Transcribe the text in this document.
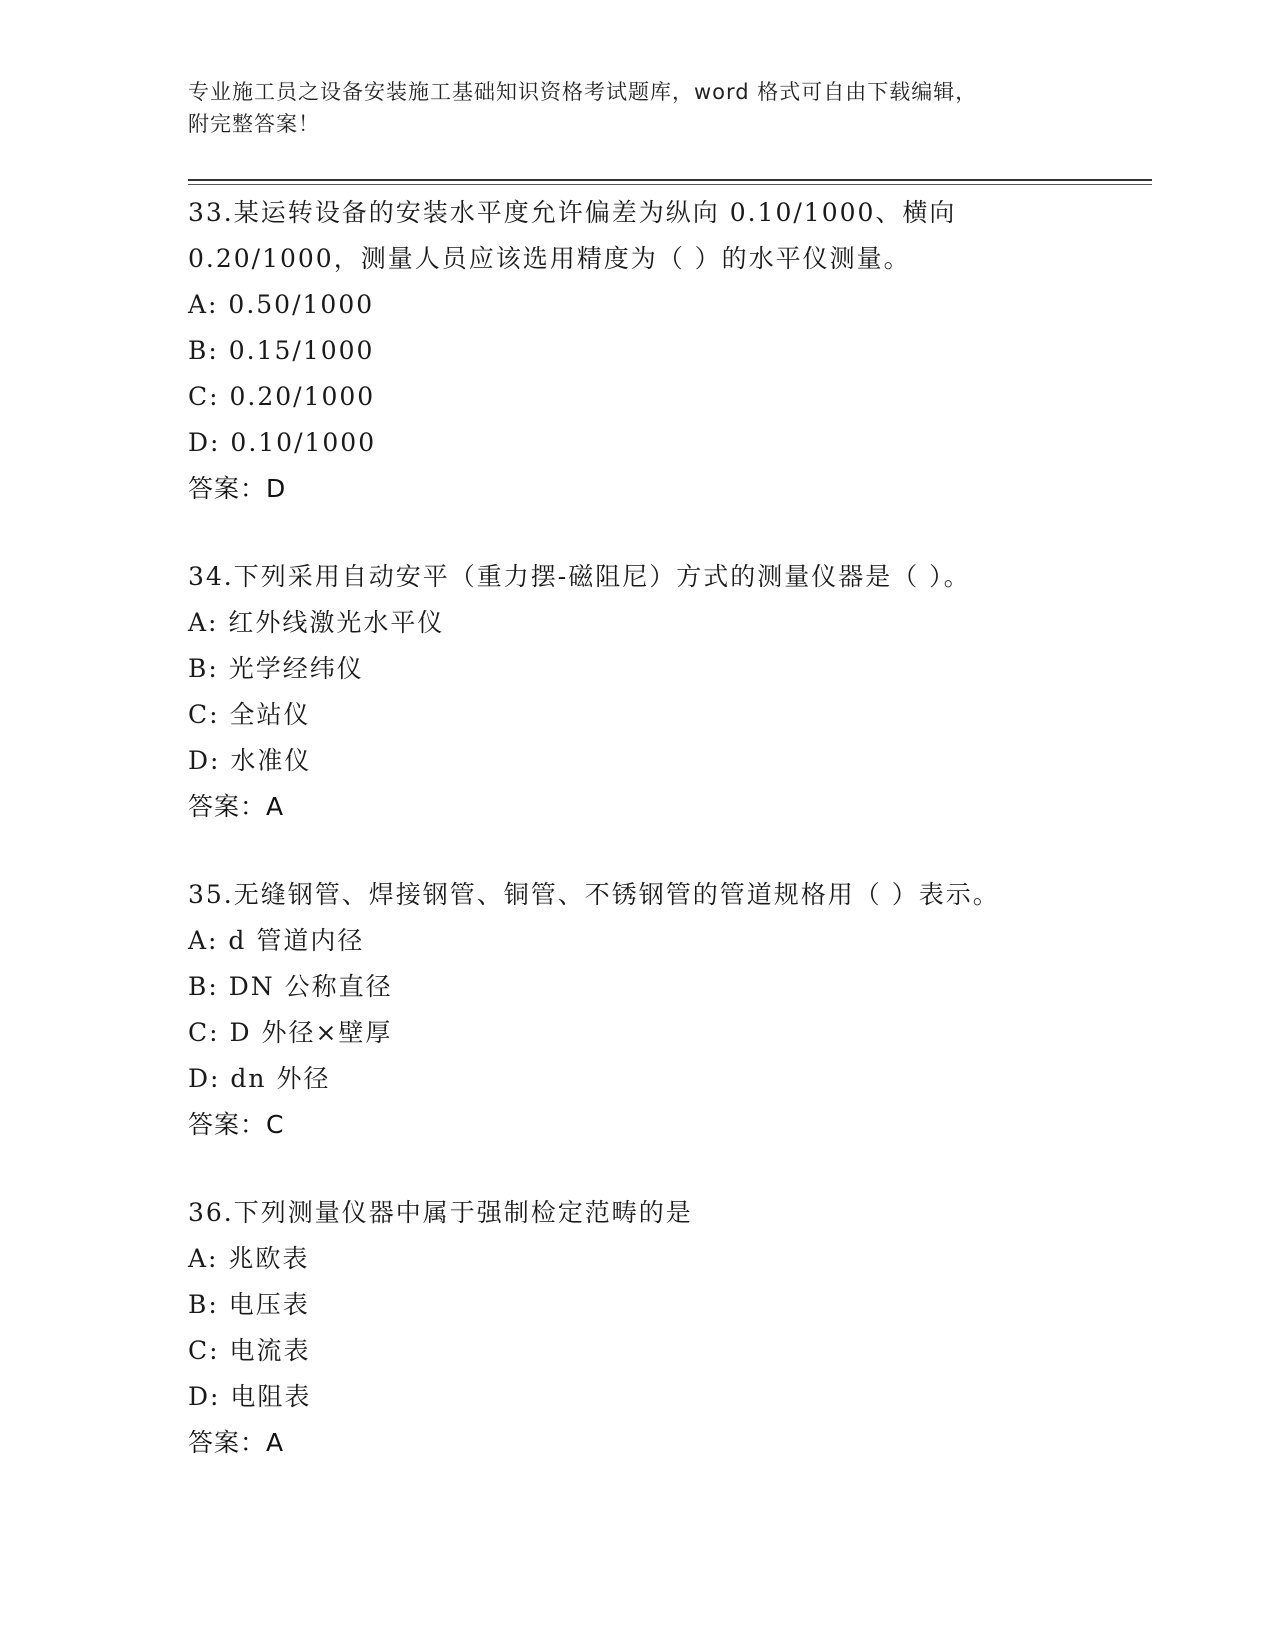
专业施工员之设备安装施工基础知识资格考试题库，word 格式可自由下载编辑，
附完整答案！
33.某运转设备的安装水平度允许偏差为纵向 0.10/1000、横向
0.20/1000，测量人员应该选用精度为（ ）的水平仪测量。
A: 0.50/1000
B: 0.15/1000
C: 0.20/1000
D: 0.10/1000
答案：D
34.下列采用自动安平（重力摆-磁阻尼）方式的测量仪器是（ ）。
A: 红外线激光水平仪
B: 光学经纬仪
C: 全站仪
D: 水准仪
答案：A
35.无缝钢管、焊接钢管、铜管、不锈钢管的管道规格用（ ）表示。
A: d 管道内径
B: DN 公称直径
C: D 外径×壁厚
D: dn 外径
答案：C
36.下列测量仪器中属于强制检定范畴的是
A: 兆欧表
B: 电压表
C: 电流表
D: 电阻表
答案：A
